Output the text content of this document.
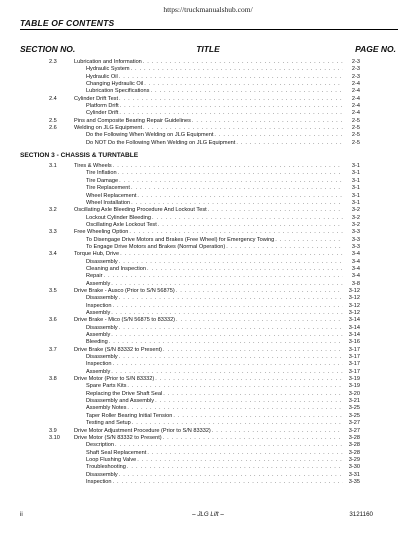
https://truckmanualshub.com/
TABLE OF CONTENTS
SECTION NO.	TITLE	PAGE NO.
2.3	Lubrication and Information . . .	2-3
Hydraulic System . . .	2-3
Hydraulic Oil . . .	2-3
Changing Hydraulic Oil . . .	2-4
Lubrication Specifications . . .	2-4
2.4	Cylinder Drift Test . . .	2-4
Platform Drift . . .	2-4
Cylinder Drift . . .	2-4
2.5	Pins and Composite Bearing Repair Guidelines . . .	2-5
2.6	Welding on JLG Equipment . . .	2-5
Do the Following When Welding on JLG Equipment . . .	2-5
Do NOT Do the Following When Welding on JLG Equipment . . .	2-5
SECTION 3 - CHASSIS & TURNTABLE
3.1	Tires & Wheels . . .	3-1
Tire Inflation . . .	3-1
Tire Damage . . .	3-1
Tire Replacement . . .	3-1
Wheel Replacement . . .	3-1
Wheel Installation . . .	3-1
3.2	Oscillating Axle Bleeding Procedure And Lockout Test . . .	3-2
Lockout Cylinder Bleeding . . .	3-2
Oscillating Axle Lockout Test . . .	3-2
3.3	Free Wheeling Option . . .	3-3
To Disengage Drive Motors and Brakes (Free Wheel) for Emergency Towing . . .	3-3
To Engage Drive Motors and Brakes (Normal Operation) . . .	3-3
3.4	Torque Hub, Drive . . .	3-4
Disassembly . . .	3-4
Cleaning and Inspection . . .	3-4
Repair . . .	3-4
Assembly . . .	3-8
3.5	Drive Brake - Ausco (Prior to S/N 56875) . . .	3-12
Disassembly . . .	3-12
Inspection . . .	3-12
Assembly . . .	3-12
3.6	Drive Brake - Mico (S/N 56875 to 83332) . . .	3-14
Disassembly . . .	3-14
Assembly . . .	3-14
Bleeding . . .	3-16
3.7	Drive Brake (S/N 83332 to Present) . . .	3-17
Disassembly . . .	3-17
Inspection . . .	3-17
Assembly . . .	3-17
3.8	Drive Motor (Prior to S/N 83332) . . .	3-19
Spare Parts Kits . . .	3-19
Replacing the Drive Shaft Seal . . .	3-20
Disassembly and Assembly . . .	3-21
Assembly Notes . . .	3-25
Taper Roller Bearing Initial Tension . . .	3-25
Testing and Setup . . .	3-27
3.9	Drive Motor Adjustment Procedure (Prior to S/N 83332) . . .	3-27
3.10	Drive Motor (S/N 83332 to Present) . . .	3-28
Description . . .	3-28
Shaft Seal Replacement . . .	3-28
Loop Flushing Valve . . .	3-29
Troubleshooting . . .	3-30
Disassembly . . .	3-31
Inspection . . .	3-35
ii	– JLG Lift –	3121160
